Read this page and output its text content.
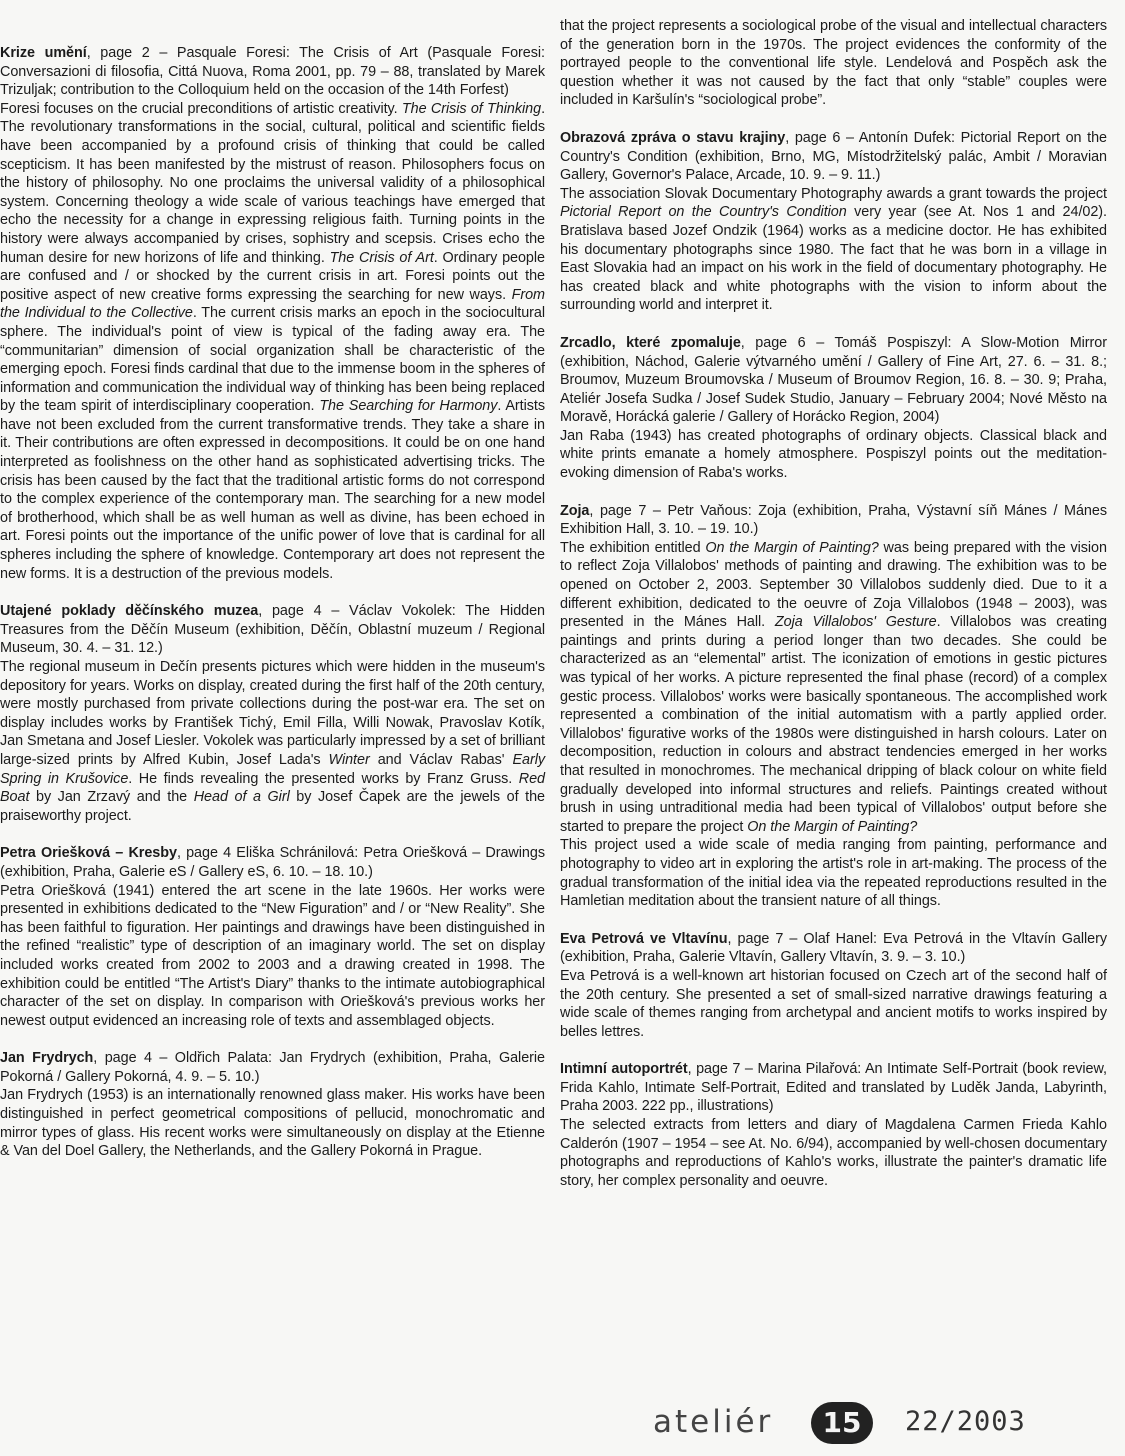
Krize umění, page 2 – Pasquale Foresi: The Crisis of Art (Pasquale Foresi: Conversazioni di filosofia, Cittá Nuova, Roma 2001, pp. 79 – 88, translated by Marek Trizuljak; contribution to the Colloquium held on the occasion of the 14th Forfest)
Foresi focuses on the crucial preconditions of artistic creativity. The Crisis of Thinking. The revolutionary transformations in the social, cultural, political and scientific fields have been accompanied by a profound crisis of thinking that could be called scepticism. It has been manifested by the mistrust of reason. Philosophers focus on the history of philosophy. No one proclaims the universal validity of a philosophical system. Concerning theology a wide scale of various teachings have emerged that echo the necessity for a change in expressing religious faith. Turning points in the history were always accompanied by crises, sophistry and scepsis. Crises echo the human desire for new horizons of life and thinking. The Crisis of Art. Ordinary people are confused and / or shocked by the current crisis in art. Foresi points out the positive aspect of new creative forms expressing the searching for new ways. From the Individual to the Collective. The current crisis marks an epoch in the sociocultural sphere. The individual's point of view is typical of the fading away era. The “communitarian” dimension of social organization shall be characteristic of the emerging epoch. Foresi finds cardinal that due to the immense boom in the spheres of information and communication the individual way of thinking has been being replaced by the team spirit of interdisciplinary cooperation. The Searching for Harmony. Artists have not been excluded from the current transformative trends. They take a share in it. Their contributions are often expressed in decompositions. It could be on one hand interpreted as foolishness on the other hand as sophisticated advertising tricks. The crisis has been caused by the fact that the traditional artistic forms do not correspond to the complex experience of the contemporary man. The searching for a new model of brotherhood, which shall be as well human as well as divine, has been echoed in art. Foresi points out the importance of the unific power of love that is cardinal for all spheres including the sphere of knowledge. Contemporary art does not represent the new forms. It is a destruction of the previous models.

Utajené poklady děčínského muzea, page 4 – Václav Vokolek: The Hidden Treasures from the Děčín Museum (exhibition, Děčín, Oblastní muzeum / Regional Museum, 30. 4. – 31. 12.)
The regional museum in Dečín presents pictures which were hidden in the museum's depository for years. Works on display, created during the first half of the 20th century, were mostly purchased from private collections during the post-war era. The set on display includes works by František Tichý, Emil Filla, Willi Nowak, Pravoslav Kotík, Jan Smetana and Josef Liesler. Vokolek was particularly impressed by a set of brilliant large-sized prints by Alfred Kubin, Josef Lada's Winter and Václav Rabas' Early Spring in Krušovice. He finds revealing the presented works by Franz Gruss. Red Boat by Jan Zrzavý and the Head of a Girl by Josef Čapek are the jewels of the praiseworthy project.

Petra Oriešková – Kresby, page 4 Eliška Schránilová: Petra Oriešková – Drawings (exhibition, Praha, Galerie eS / Gallery eS, 6. 10. – 18. 10.)
Petra Oriešková (1941) entered the art scene in the late 1960s. Her works were presented in exhibitions dedicated to the “New Figuration” and / or “New Reality”. She has been faithful to figuration. Her paintings and drawings have been distinguished in the refined “realistic” type of description of an imaginary world. The set on display included works created from 2002 to 2003 and a drawing created in 1998. The exhibition could be entitled “The Artist's Diary” thanks to the intimate autobiographical character of the set on display. In comparison with Oriešková's previous works her newest output evidenced an increasing role of texts and assemblaged objects.

Jan Frydrych, page 4 – Oldřich Palata: Jan Frydrych (exhibition, Praha, Galerie Pokorná / Gallery Pokorná, 4. 9. – 5. 10.)
Jan Frydrych (1953) is an internationally renowned glass maker. His works have been distinguished in perfect geometrical compositions of pellucid, monochromatic and mirror types of glass. His recent works were simultaneously on display at the Etienne & Van del Doel Gallery, the Netherlands, and the Gallery Pokorná in Prague.

that the project represents a sociological probe of the visual and intellectual characters of the generation born in the 1970s. The project evidences the conformity of the portrayed people to the conventional life style. Lendelová and Pospěch ask the question whether it was not caused by the fact that only “stable” couples were included in Karšulín's “sociological probe”.

Obrazová zpráva o stavu krajiny, page 6 – Antonín Dufek: Pictorial Report on the Country's Condition (exhibition, Brno, MG, Místodržitelský palác, Ambit / Moravian Gallery, Governor's Palace, Arcade, 10. 9. – 9. 11.)
The association Slovak Documentary Photography awards a grant towards the project Pictorial Report on the Country's Condition very year (see At. Nos 1 and 24/02). Bratislava based Jozef Ondzik (1964) works as a medicine doctor. He has exhibited his documentary photographs since 1980. The fact that he was born in a village in East Slovakia had an impact on his work in the field of documentary photography. He has created black and white photographs with the vision to inform about the surrounding world and interpret it.

Zrcadlo, které zpomaluje, page 6 – Tomáš Pospiszyl: A Slow-Motion Mirror (exhibition, Náchod, Galerie výtvarného umění / Gallery of Fine Art, 27. 6. – 31. 8.; Broumov, Muzeum Broumovska / Museum of Broumov Region, 16. 8. – 30. 9; Praha, Ateliér Josefa Sudka / Josef Sudek Studio, January – February 2004; Nové Město na Moravě, Horácká galerie / Gallery of Horácko Region, 2004)
Jan Raba (1943) has created photographs of ordinary objects. Classical black and white prints emanate a homely atmosphere. Pospiszyl points out the meditation-evoking dimension of Raba's works.

Zoja, page 7 – Petr Vaňous: Zoja (exhibition, Praha, Výstavní síň Mánes / Mánes Exhibition Hall, 3. 10. – 19. 10.)
The exhibition entitled On the Margin of Painting? was being prepared with the vision to reflect Zoja Villalobos' methods of painting and drawing. The exhibition was to be opened on October 2, 2003. September 30 Villalobos suddenly died. Due to it a different exhibition, dedicated to the oeuvre of Zoja Villalobos (1948 – 2003), was presented in the Mánes Hall. Zoja Villalobos' Gesture. Villalobos was creating paintings and prints during a period longer than two decades. She could be characterized as an “elemental” artist. The iconization of emotions in gestic pictures was typical of her works. A picture represented the final phase (record) of a complex gestic process. Villalobos' works were basically spontaneous. The accomplished work represented a combination of the initial automatism with a partly applied order. Villalobos' figurative works of the 1980s were distinguished in harsh colours. Later on decomposition, reduction in colours and abstract tendencies emerged in her works that resulted in monochromes. The mechanical dripping of black colour on white field gradually developed into informal structures and reliefs. Paintings created without brush in using untraditional media had been typical of Villalobos' output before she started to prepare the project On the Margin of Painting?
This project used a wide scale of media ranging from painting, performance and photography to video art in exploring the artist's role in art-making. The process of the gradual transformation of the initial idea via the repeated reproductions resulted in the Hamletian meditation about the transient nature of all things.

Eva Petrová ve Vltavínu, page 7 – Olaf Hanel: Eva Petrová in the Vltavín Gallery (exhibition, Praha, Galerie Vltavín, Gallery Vltavín, 3. 9. – 3. 10.)
Eva Petrová is a well-known art historian focused on Czech art of the second half of the 20th century. She presented a set of small-sized narrative drawings featuring a wide scale of themes ranging from archetypal and ancient motifs to works inspired by belles lettres.

Intimní autoportrét, page 7 – Marina Pilařová: An Intimate Self-Portrait (book review, Frida Kahlo, Intimate Self-Portrait, Edited and translated by Luděk Janda, Labyrinth, Praha 2003. 222 pp., illustrations)
The selected extracts from letters and diary of Magdalena Carmen Frieda Kahlo Calderón (1907 – 1954 – see At. No. 6/94), accompanied by well-chosen documentary photographs and reproductions of Kahlo's works, illustrate the painter's dramatic life story, her complex personality and oeuvre.

ateliér	15	22/2003
